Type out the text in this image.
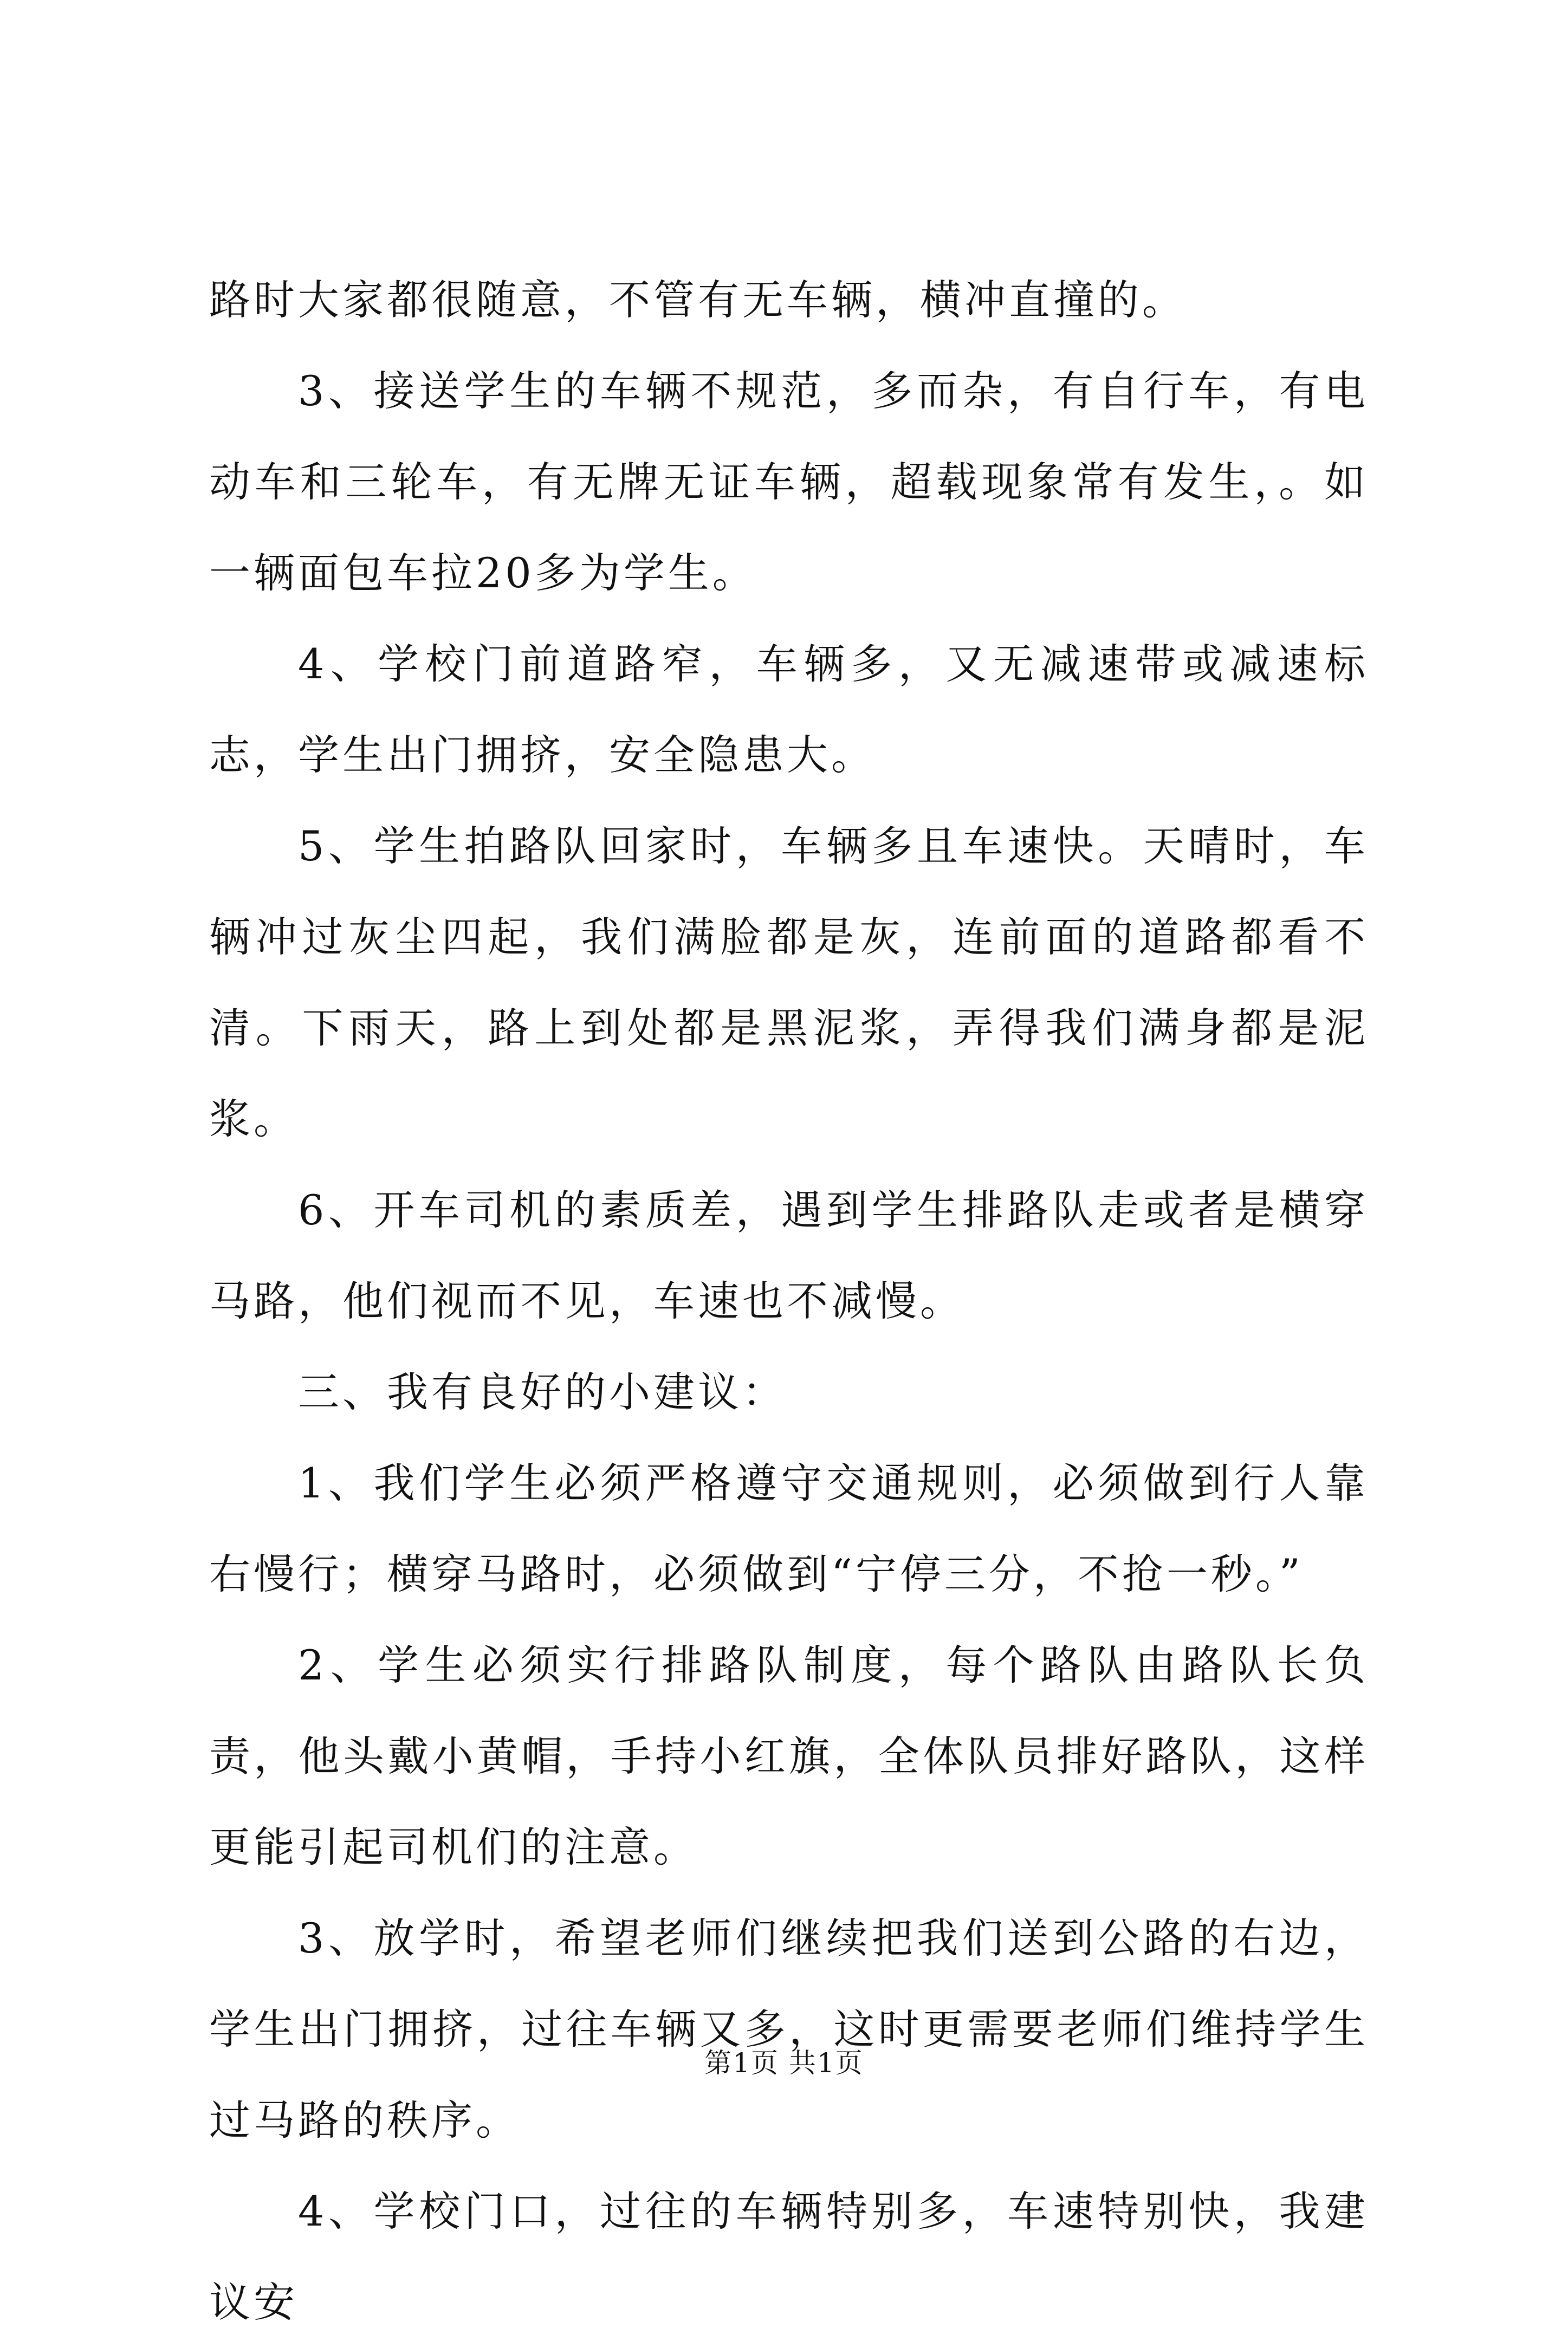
路时大家都很随意，不管有无车辆，横冲直撞的。

3、接送学生的车辆不规范，多而杂，有自行车，有电动车和三轮车，有无牌无证车辆，超载现象常有发生，。如一辆面包车拉20多为学生。

4、学校门前道路窄，车辆多，又无减速带或减速标志，学生出门拥挤，安全隐患大。

5、学生拍路队回家时，车辆多且车速快。天晴时，车辆冲过灰尘四起，我们满脸都是灰，连前面的道路都看不清。下雨天，路上到处都是黑泥浆，弄得我们满身都是泥浆。

6、开车司机的素质差，遇到学生排路队走或者是横穿马路，他们视而不见，车速也不减慢。

三、我有良好的小建议：

1、我们学生必须严格遵守交通规则，必须做到行人靠右慢行；横穿马路时，必须做到“宁停三分，不抢一秒。”

2、学生必须实行排路队制度，每个路队由路队长负责，他头戴小黄帽，手持小红旗，全体队员排好路队，这样更能引起司机们的注意。

3、放学时，希望老师们继续把我们送到公路的右边，学生出门拥挤，过往车辆又多，这时更需要老师们维持学生过马路的秩序。

4、学校门口，过往的车辆特别多，车速特别快，我建议安

第1页 共1页
